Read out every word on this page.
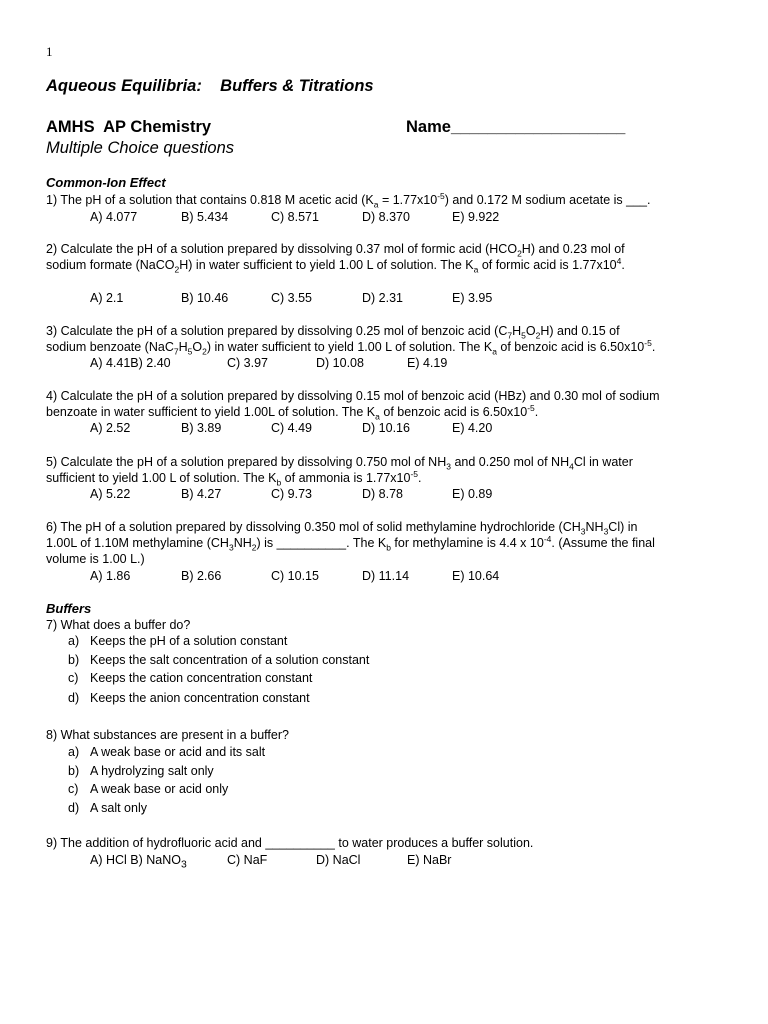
1
Aqueous Equilibria:    Buffers & Titrations
AMHS  AP Chemistry	Name___________________
Multiple Choice questions
Common-Ion Effect
1) The pH of a solution that contains 0.818 M acetic acid $(K_a = 1.77x10^{-5})$ and 0.172 M sodium acetate is ___.
A) 4.077	B) 5.434	C) 8.571	D) 8.370	E) 9.922
2) Calculate the pH of a solution prepared by dissolving 0.37 mol of formic acid $(HCO_2H)$ and 0.23 mol of
sodium formate (NaCO$_2$H) in water sufficient to yield 1.00 L of solution. The $K_a$ of formic acid is $1.77x10^4$.
A) 2.1	B) 10.46	C) 3.55	D) 2.31	E) 3.95
3) Calculate the pH of a solution prepared by dissolving 0.25 mol of benzoic acid $(C_7H_5O_2H)$ and 0.15 of
sodium benzoate $(NaC_7H_5O_2)$ in water sufficient to yield 1.00 L of solution. The $K_a$ of benzoic acid is $6.50x10^{-5}$.
A) 4.41B) 2.40	C) 3.97	D) 10.08	E) 4.19
4) Calculate the pH of a solution prepared by dissolving 0.15 mol of benzoic acid (HBz) and 0.30 mol of sodium
benzoate in water sufficient to yield 1.00L of solution. The $K_a$ of benzoic acid is $6.50x10^{-5}$.
A) 2.52	B) 3.89	C) 4.49	D) 10.16	E) 4.20
5) Calculate the pH of a solution prepared by dissolving 0.750 mol of $NH_3$ and 0.250 mol of $NH_4Cl$ in water
sufficient to yield 1.00 L of solution. The $K_b$ of ammonia is $1.77x10^{-5}$.
A) 5.22	B) 4.27	C) 9.73	D) 8.78	E) 0.89
6) The pH of a solution prepared by dissolving 0.350 mol of solid methylamine hydrochloride $(CH_3NH_3Cl)$ in
1.00L of 1.10M methylamine $(CH_3NH_2)$ is __________. The $K_b$ for methylamine is 4.4 x $10^{-4}$. (Assume the final
volume is 1.00 L.)
A) 1.86	B) 2.66	C) 10.15	D) 11.14	E) 10.64
Buffers
7) What does a buffer do?
a) Keeps the pH of a solution constant
b) Keeps the salt concentration of a solution constant
c) Keeps the cation concentration constant
d) Keeps the anion concentration constant
8) What substances are present in a buffer?
a) A weak base or acid and its salt
b) A hydrolyzing salt only
c) A weak base or acid only
d) A salt only
9) The addition of hydrofluoric acid and __________ to water produces a buffer solution.
A) HCl B) NaNO$_3$	C) NaF	D) NaCl	E) NaBr
